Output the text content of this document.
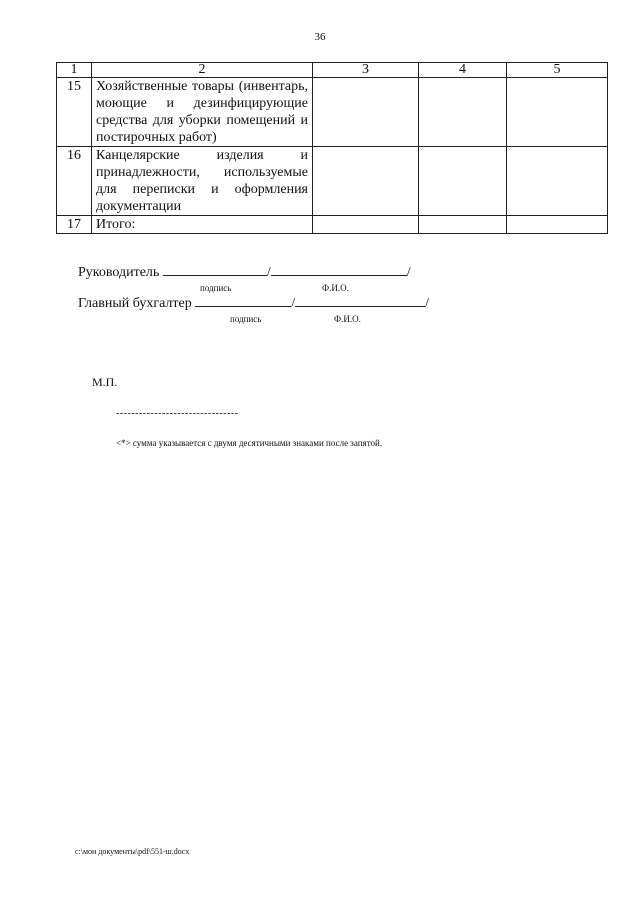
36
1	2	3	4	5
15	Хозяйственные товары (инвентарь, моющие и дезинфицирующие средства для уборки помещений и постирочных работ)			
16	Канцелярские изделия и принадлежности, используемые для переписки и оформления документации			
17	Итого:			
Руководитель	/	/
подпись	Ф.И.О.
Главный бухгалтер	/	/
подпись	Ф.И.О.
М.П.
--------------------------------
<*> сумма указывается с двумя десятичными знаками после запятой.
c:\мои документы\pdf\551-ш.docx
